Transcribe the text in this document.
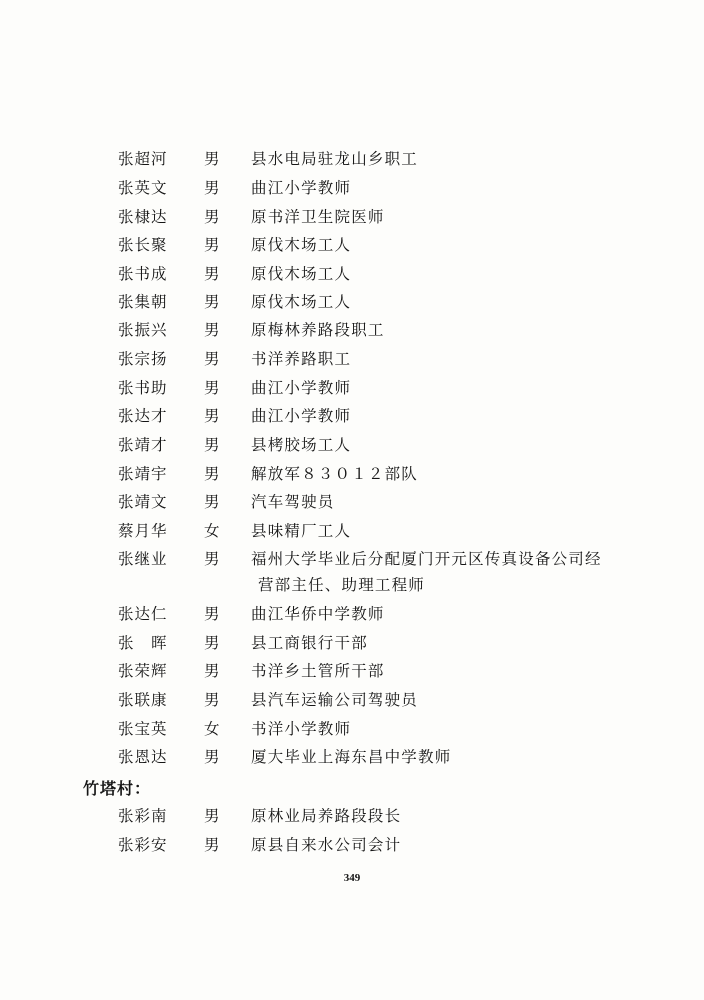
张超河 男 县水电局驻龙山乡职工
张英文 男 曲江小学教师
张棣达 男 原书洋卫生院医师
张长聚 男 原伐木场工人
张书成 男 原伐木场工人
张集朝 男 原伐木场工人
张振兴 男 原梅林养路段职工
张宗扬 男 书洋养路职工
张书助 男 曲江小学教师
张达才 男 曲江小学教师
张靖才 男 县栲胶场工人
张靖宇 男 解放军８３０１２部队
张靖文 男 汽车驾驶员
蔡月华 女 县味精厂工人
张继业 男 福州大学毕业后分配厦门开元区传真设备公司经
营部主任、助理工程师
张达仁 男 曲江华侨中学教师
张　晖 男 县工商银行干部
张荣辉 男 书洋乡土管所干部
张联康 男 县汽车运输公司驾驶员
张宝英 女 书洋小学教师
张恩达 男 厦大毕业上海东昌中学教师
竹塔村：
张彩南 男 原林业局养路段段长
张彩安 男 原县自来水公司会计
349
